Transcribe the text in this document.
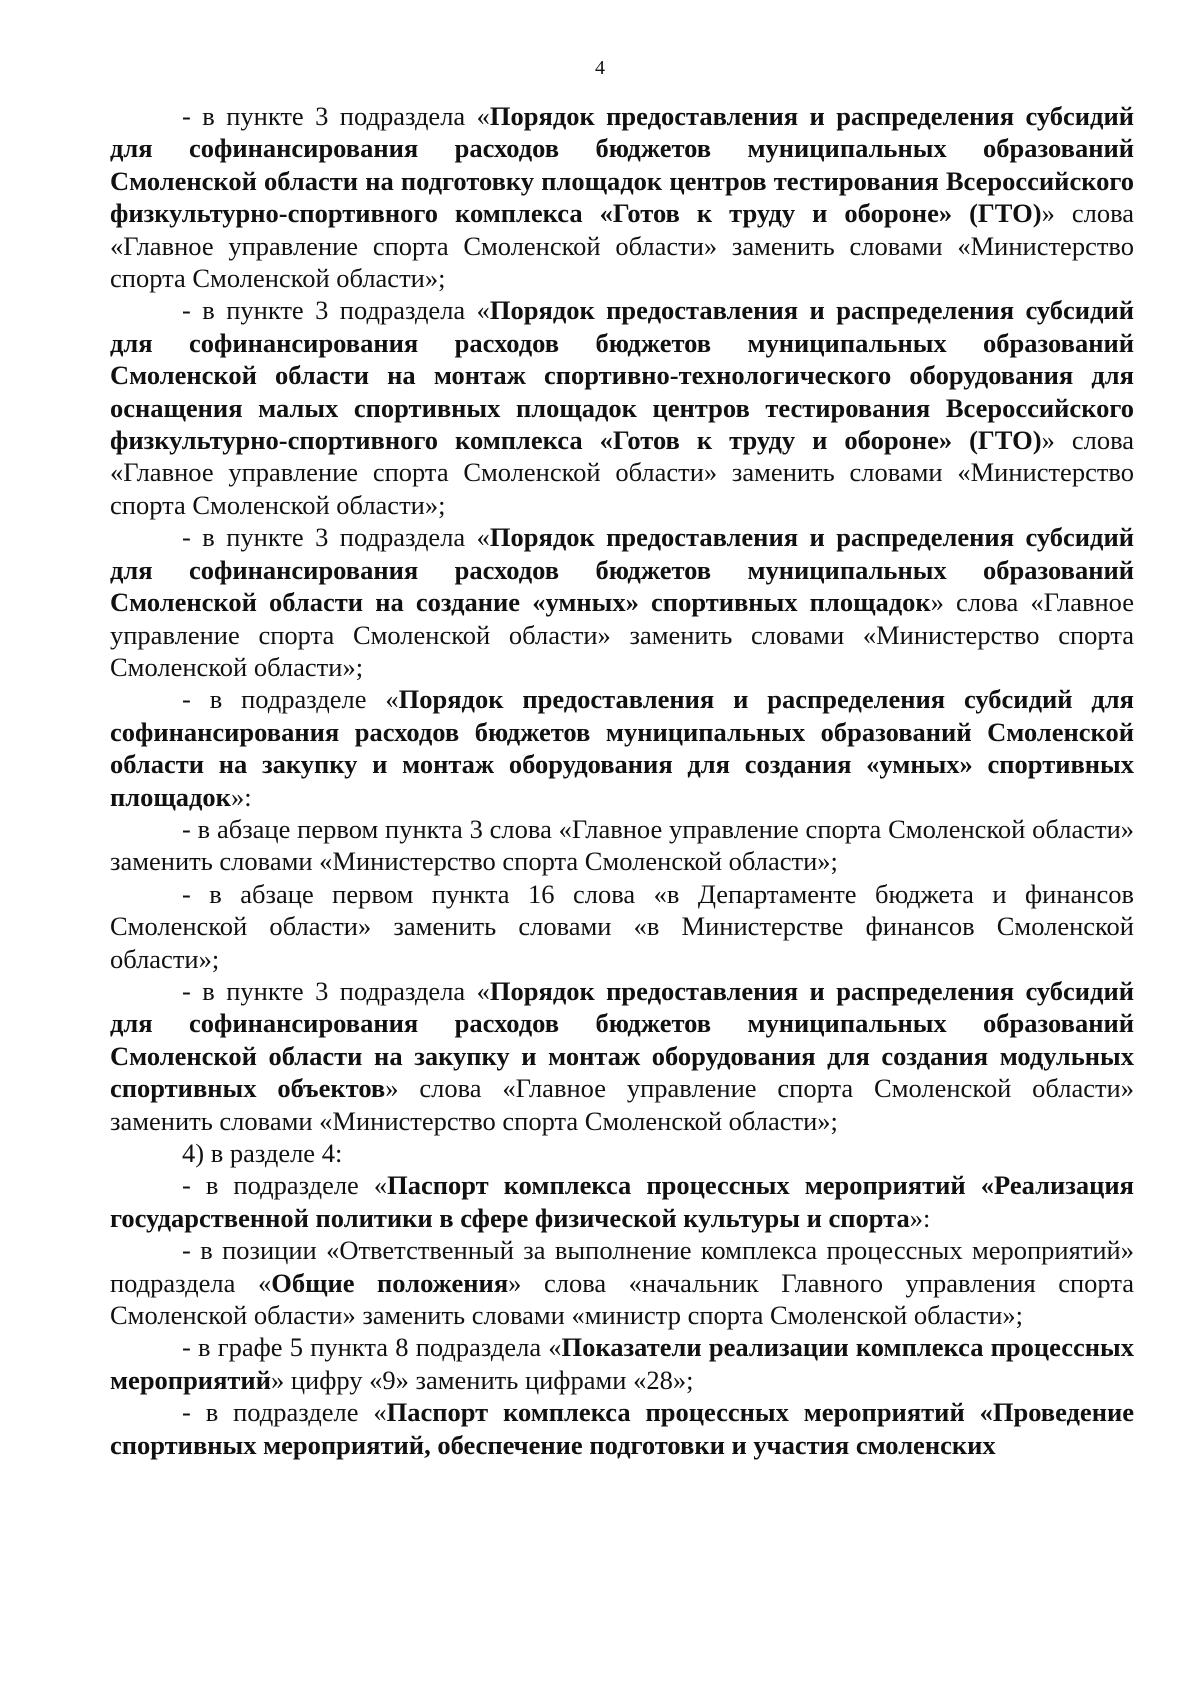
4

- в пункте 3 подраздела «Порядок предоставления и распределения субсидий для софинансирования расходов бюджетов муниципальных образований Смоленской области на подготовку площадок центров тестирования Всероссийского физкультурно-спортивного комплекса «Готов к труду и обороне» (ГТО)» слова «Главное управление спорта Смоленской области» заменить словами «Министерство спорта Смоленской области»;

- в пункте 3 подраздела «Порядок предоставления и распределения субсидий для софинансирования расходов бюджетов муниципальных образований Смоленской области на монтаж спортивно-технологического оборудования для оснащения малых спортивных площадок центров тестирования Всероссийского физкультурно-спортивного комплекса «Готов к труду и обороне» (ГТО)» слова «Главное управление спорта Смоленской области» заменить словами «Министерство спорта Смоленской области»;

- в пункте 3 подраздела «Порядок предоставления и распределения субсидий для софинансирования расходов бюджетов муниципальных образований Смоленской области на создание «умных» спортивных площадок» слова «Главное управление спорта Смоленской области» заменить словами «Министерство спорта Смоленской области»;

- в подразделе «Порядок предоставления и распределения субсидий для софинансирования расходов бюджетов муниципальных образований Смоленской области на закупку и монтаж оборудования для создания «умных» спортивных площадок»:

- в абзаце первом пункта 3 слова «Главное управление спорта Смоленской области» заменить словами «Министерство спорта Смоленской области»;

- в абзаце первом пункта 16 слова «в Департаменте бюджета и финансов Смоленской области» заменить словами «в Министерстве финансов Смоленской области»;

- в пункте 3 подраздела «Порядок предоставления и распределения субсидий для софинансирования расходов бюджетов муниципальных образований Смоленской области на закупку и монтаж оборудования для создания модульных спортивных объектов» слова «Главное управление спорта Смоленской области» заменить словами «Министерство спорта Смоленской области»;

4) в разделе 4:

- в подразделе «Паспорт комплекса процессных мероприятий «Реализация государственной политики в сфере физической культуры и спорта»:

- в позиции «Ответственный за выполнение комплекса процессных мероприятий» подраздела «Общие положения» слова «начальник Главного управления спорта Смоленской области» заменить словами «министр спорта Смоленской области»;

- в графе 5 пункта 8 подраздела «Показатели реализации комплекса процессных мероприятий» цифру «9» заменить цифрами «28»;

- в подразделе «Паспорт комплекса процессных мероприятий «Проведение спортивных мероприятий, обеспечение подготовки и участия смоленских
